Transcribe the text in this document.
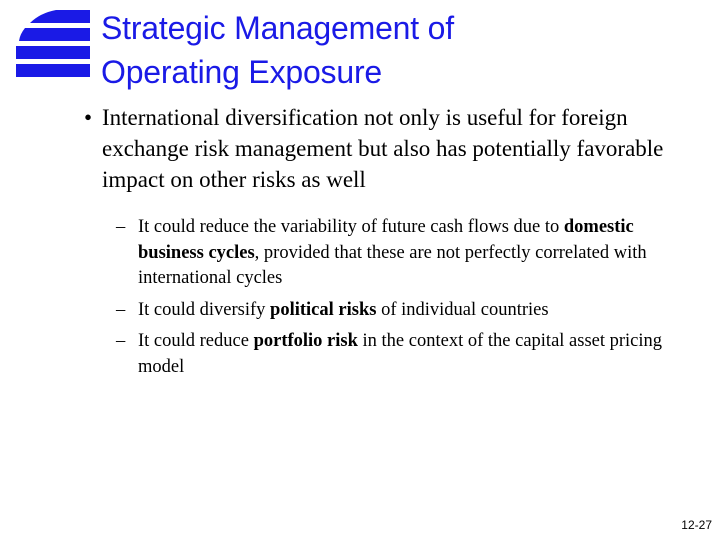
Strategic Management of
Operating Exposure
• International diversification not only is useful for foreign exchange risk management but also has potentially favorable impact on other risks as well
– It could reduce the variability of future cash flows due to domestic business cycles, provided that these are not perfectly correlated with international cycles
– It could diversify political risks of individual countries
– It could reduce portfolio risk in the context of the capital asset pricing model
12-27
